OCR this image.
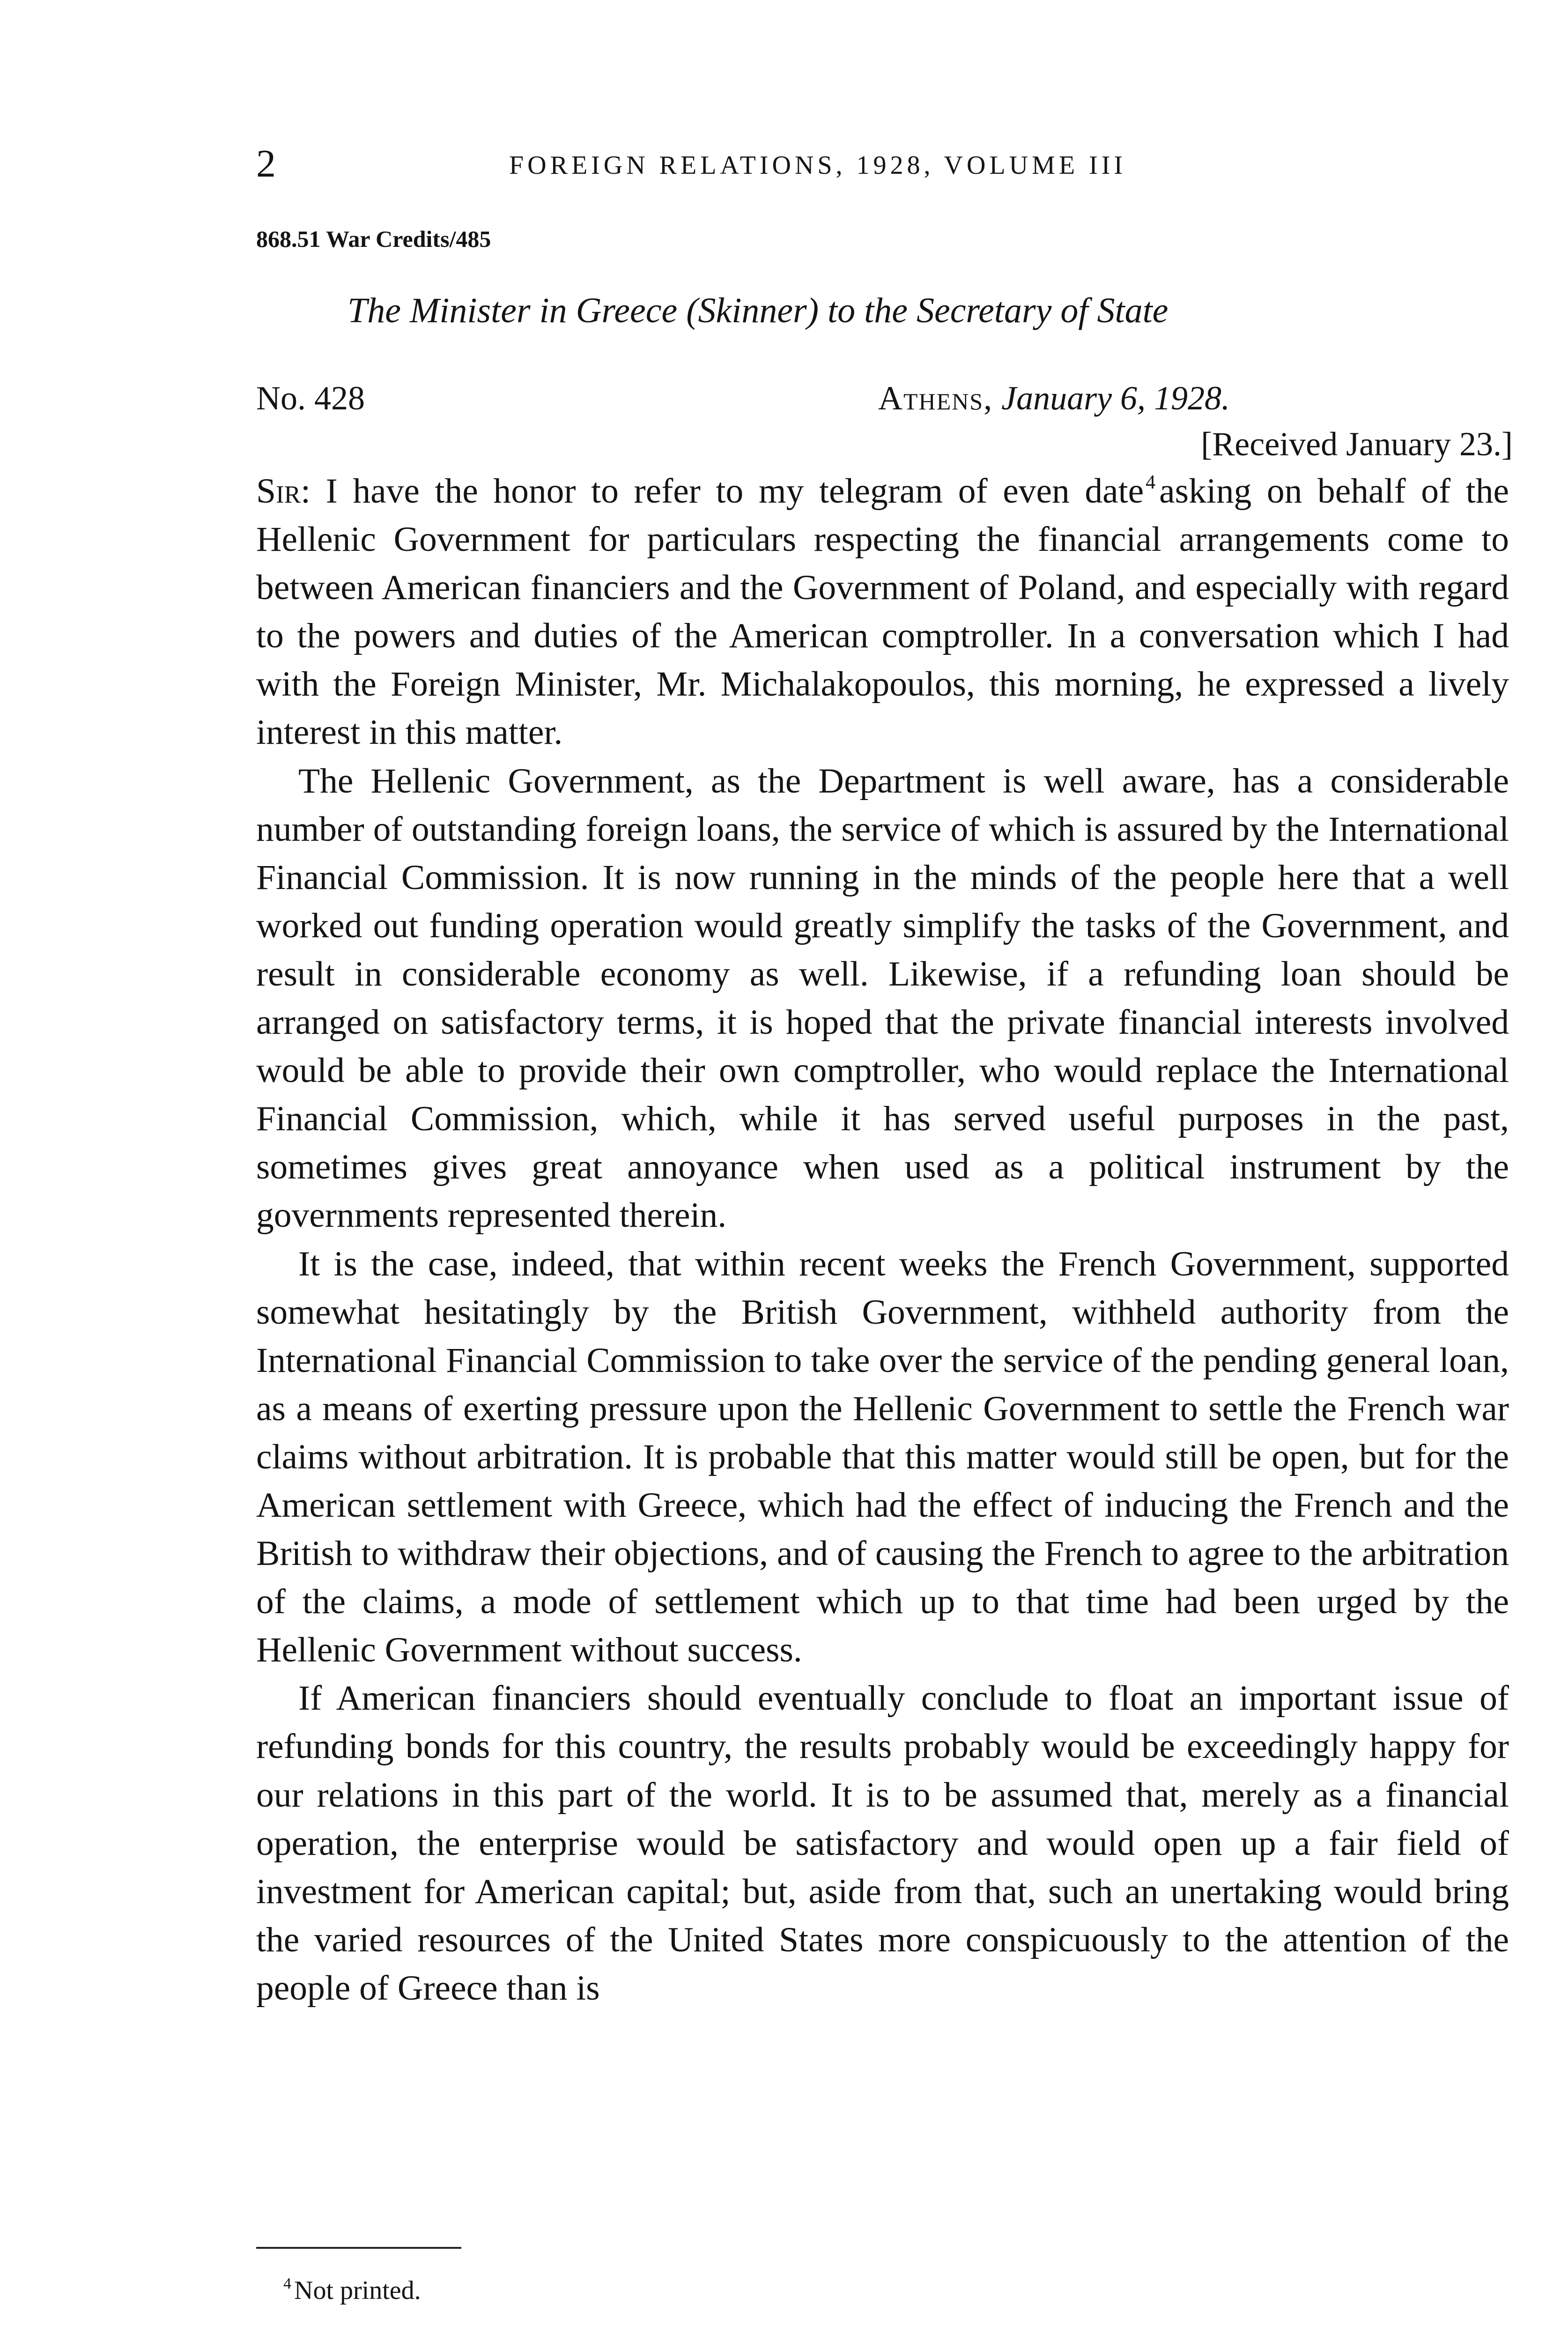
2	FOREIGN RELATIONS, 1928, VOLUME III
868.51 War Credits/485
The Minister in Greece (Skinner) to the Secretary of State
No. 428	Athens, January 6, 1928.
[Received January 23.]

Sir: I have the honor to refer to my telegram of even date$^4$ asking on behalf of the Hellenic Government for particulars respecting the financial arrangements come to between American financiers and the Government of Poland, and especially with regard to the powers and duties of the American comptroller. In a conversation which I had with the Foreign Minister, Mr. Michalakopoulos, this morning, he expressed a lively interest in this matter.

The Hellenic Government, as the Department is well aware, has a considerable number of outstanding foreign loans, the service of which is assured by the International Financial Commission. It is now running in the minds of the people here that a well worked out funding operation would greatly simplify the tasks of the Government, and result in considerable economy as well. Likewise, if a refunding loan should be arranged on satisfactory terms, it is hoped that the private financial interests involved would be able to provide their own comptroller, who would replace the International Financial Commission, which, while it has served useful purposes in the past, sometimes gives great annoyance when used as a political instrument by the governments represented therein.

It is the case, indeed, that within recent weeks the French Government, supported somewhat hesitatingly by the British Government, withheld authority from the International Financial Commission to take over the service of the pending general loan, as a means of exerting pressure upon the Hellenic Government to settle the French war claims without arbitration. It is probable that this matter would still be open, but for the American settlement with Greece, which had the effect of inducing the French and the British to withdraw their objections, and of causing the French to agree to the arbitration of the claims, a mode of settlement which up to that time had been urged by the Hellenic Government without success.

If American financiers should eventually conclude to float an important issue of refunding bonds for this country, the results probably would be exceedingly happy for our relations in this part of the world. It is to be assumed that, merely as a financial operation, the enterprise would be satisfactory and would open up a fair field of investment for American capital; but, aside from that, such an unertaking would bring the varied resources of the United States more conspicuously to the attention of the people of Greece than is

$^4$ Not printed.
